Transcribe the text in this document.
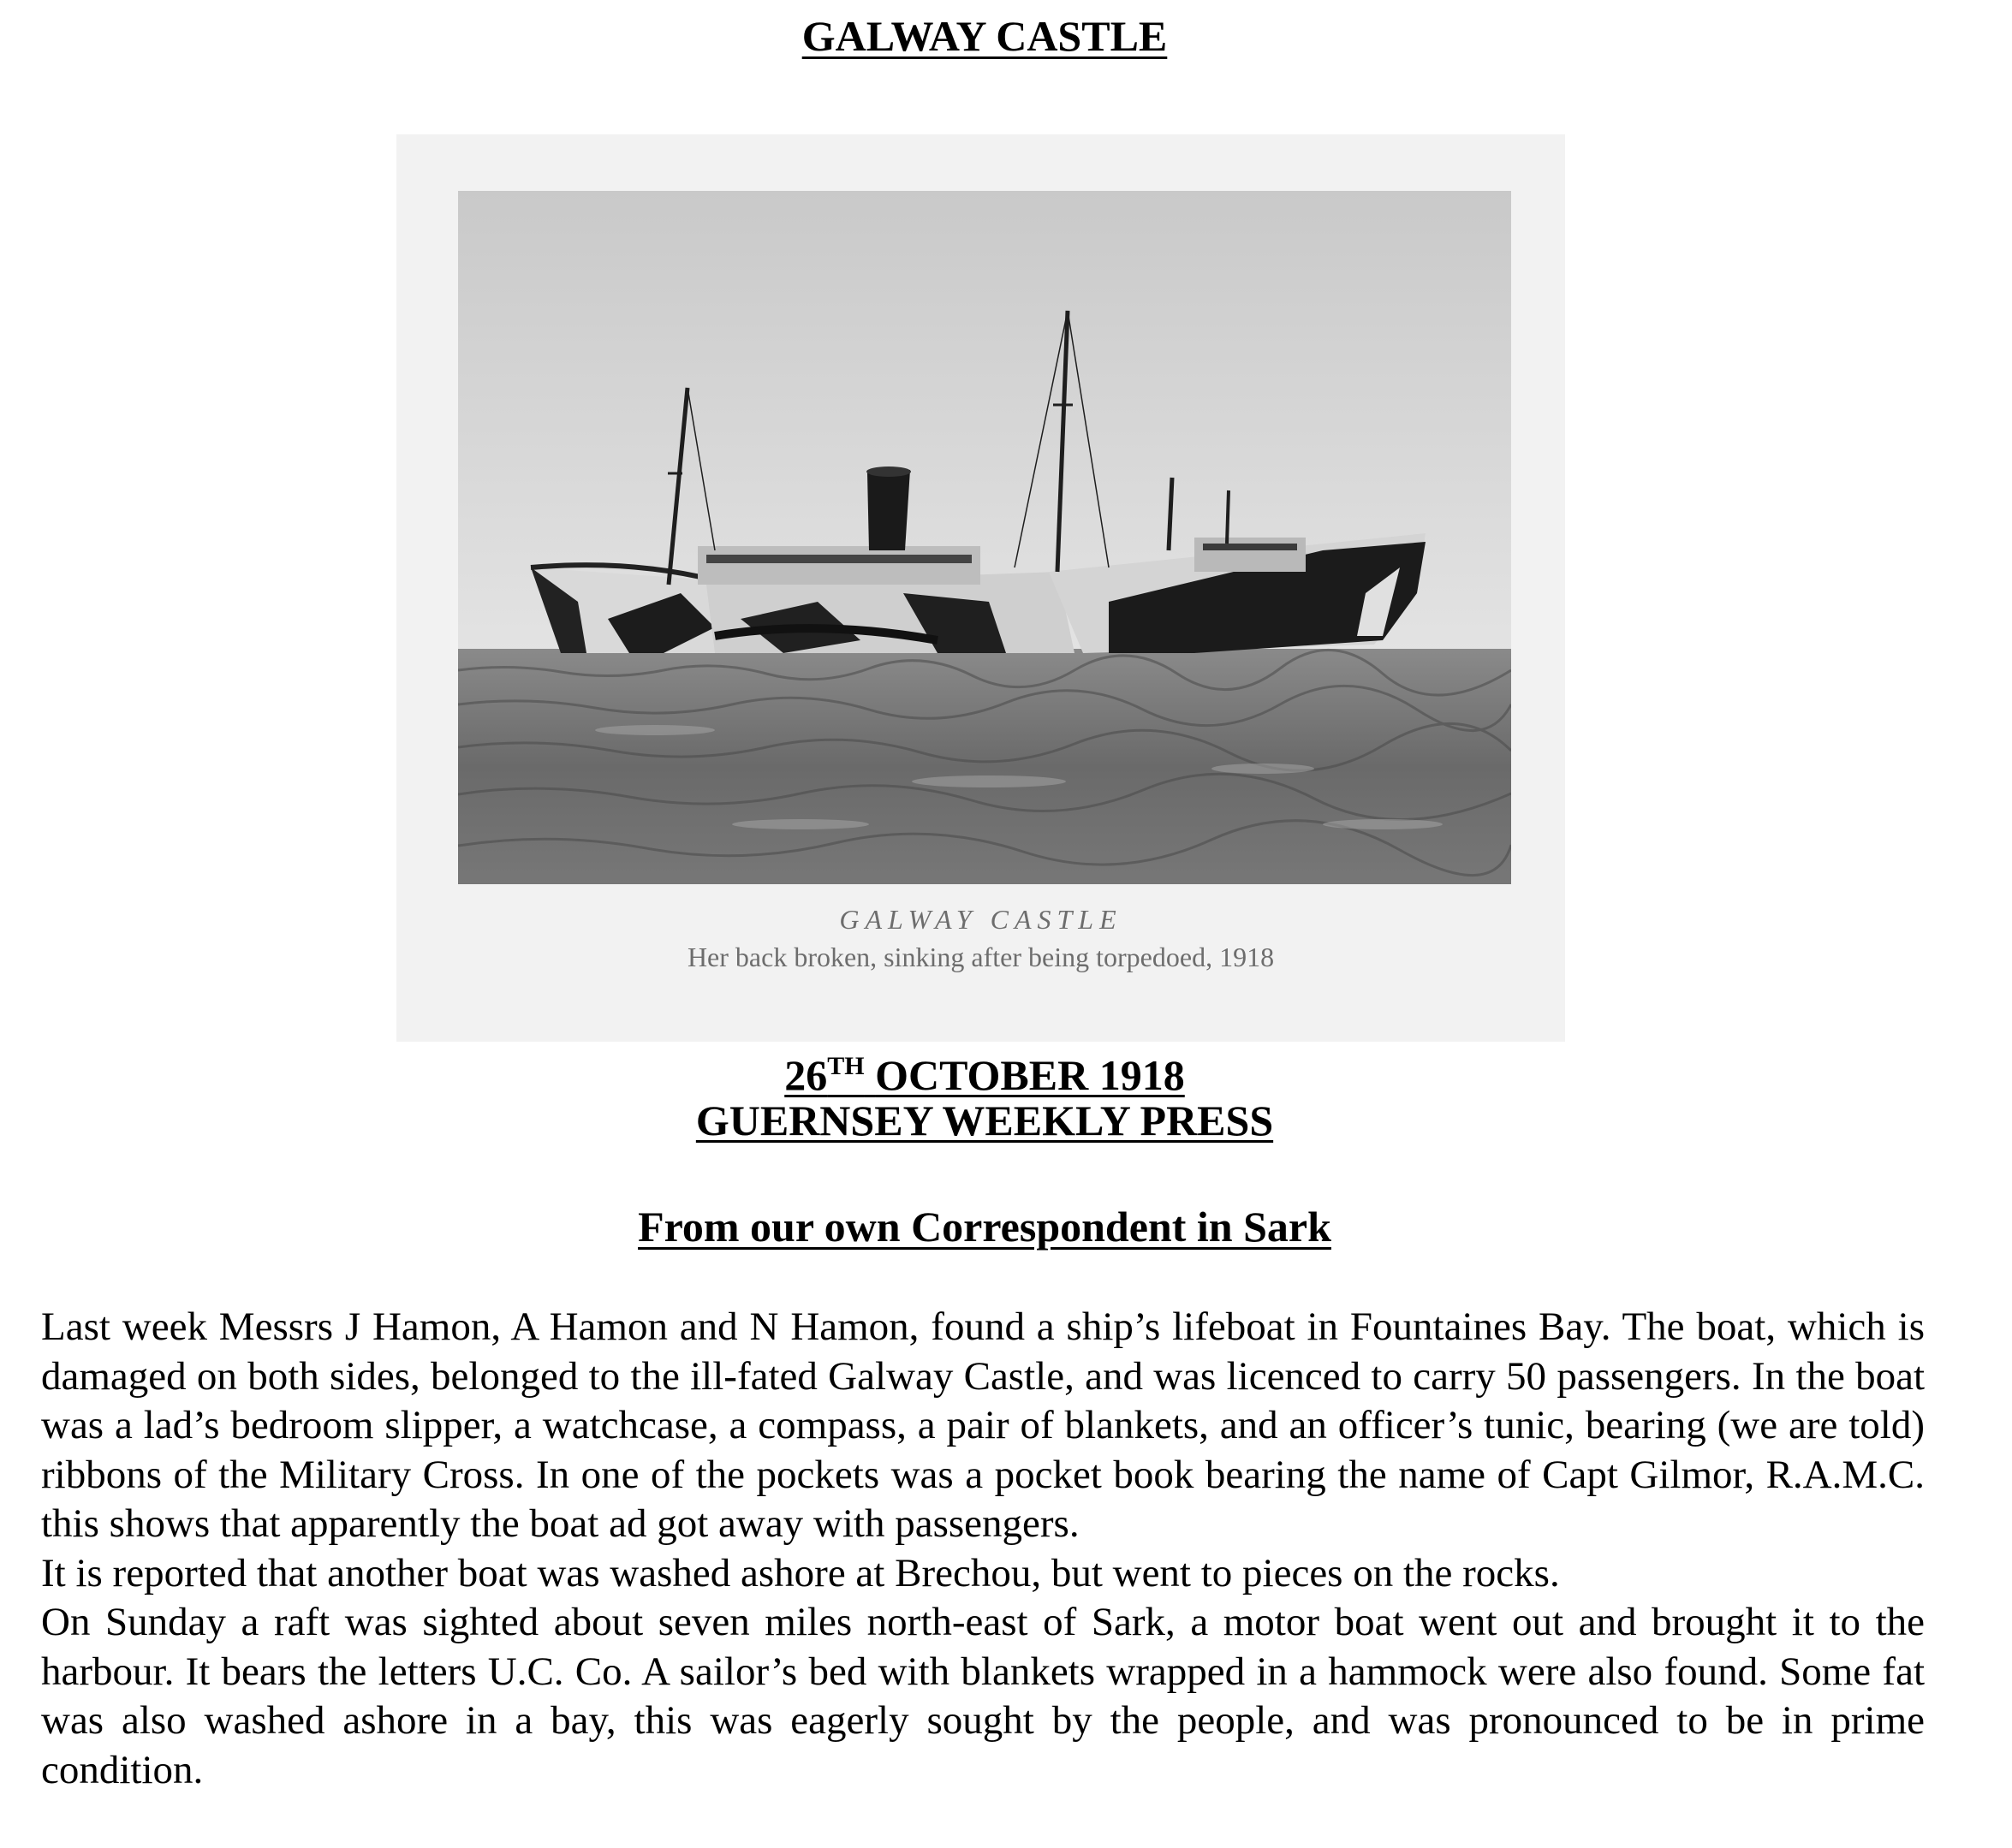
GALWAY CASTLE
GALWAY CASTLE
Her back broken, sinking after being torpedoed, 1918
26TH OCTOBER 1918
GUERNSEY WEEKLY PRESS
From our own Correspondent in Sark

Last week Messrs J Hamon, A Hamon and N Hamon, found a ship’s lifeboat in Fountaines Bay. The boat, which is damaged on both sides, belonged to the ill-fated Galway Castle, and was licenced to carry 50 passengers. In the boat was a lad’s bedroom slipper, a watchcase, a compass, a pair of blankets, and an officer’s tunic, bearing (we are told) ribbons of the Military Cross. In one of the pockets was a pocket book bearing the name of Capt Gilmor, R.A.M.C. this shows that apparently the boat ad got away with passengers.

It is reported that another boat was washed ashore at Brechou, but went to pieces on the rocks.

On Sunday a raft was sighted about seven miles north-east of Sark, a motor boat went out and brought it to the harbour. It bears the letters U.C. Co. A sailor’s bed with blankets wrapped in a hammock were also found. Some fat was also washed ashore in a bay, this was eagerly sought by the people, and was pronounced to be in prime condition.
